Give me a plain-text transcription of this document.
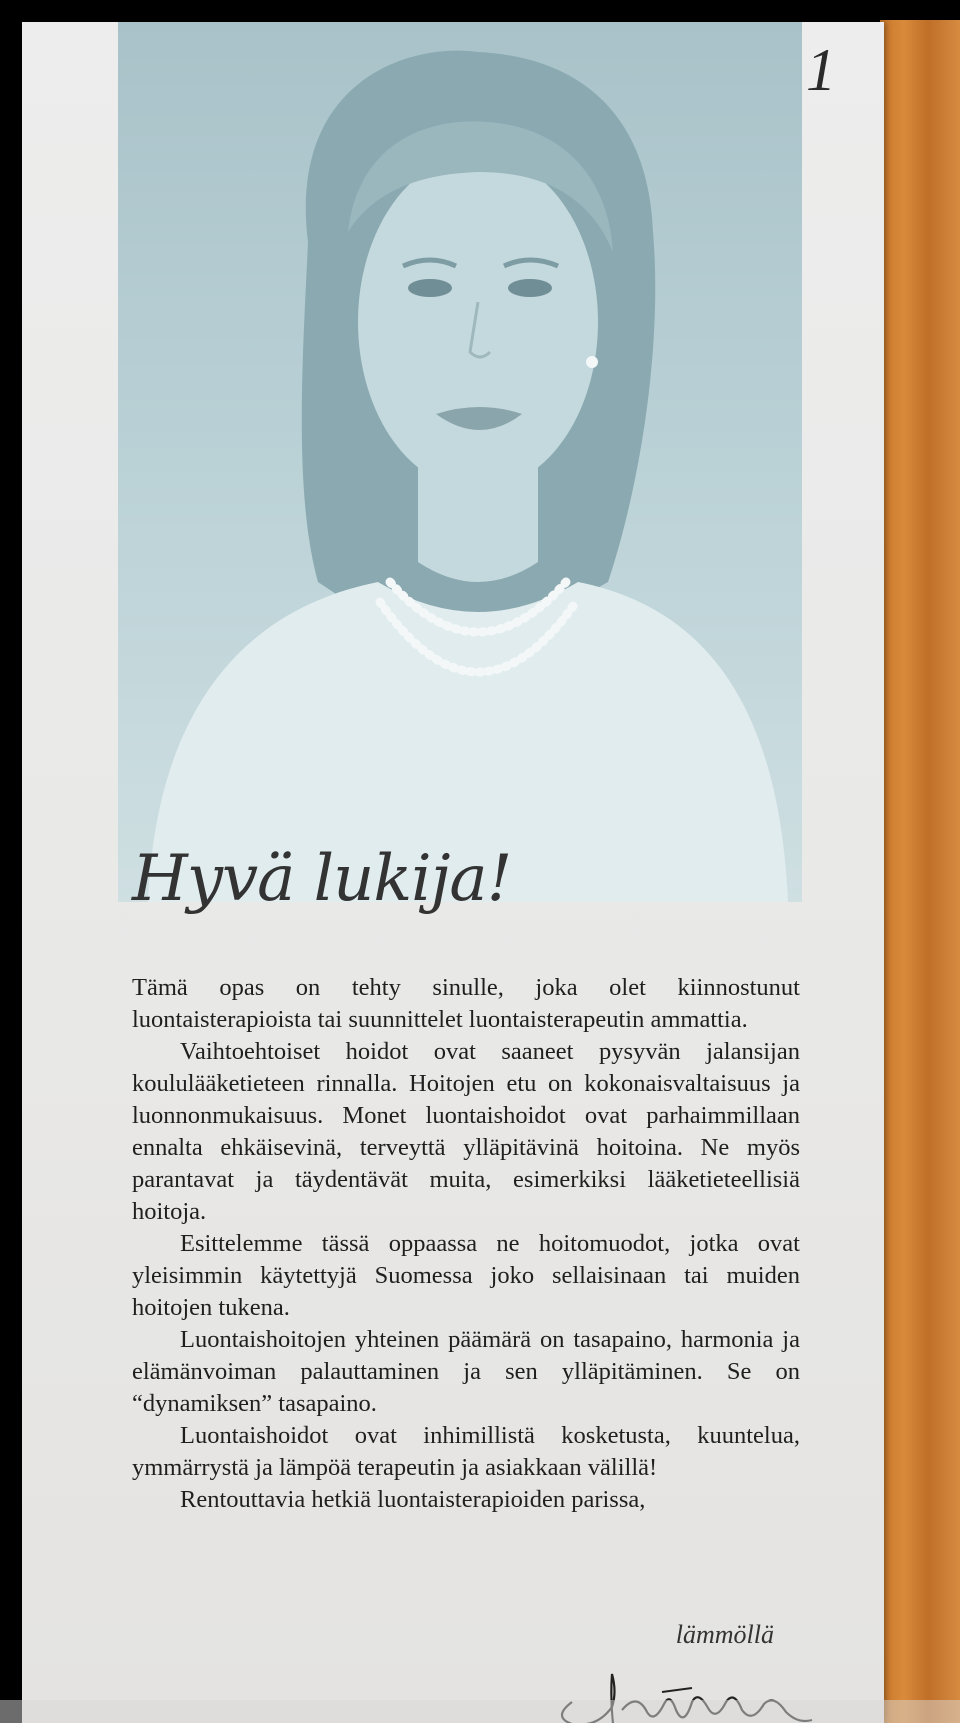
1
Hyvä lukija!

Tämä opas on tehty sinulle, joka olet kiinnostunut luontaisterapioista tai suunnittelet luontaisterapeutin ammattia.

Vaihtoehtoiset hoidot ovat saaneet pysyvän jalansijan koululääketieteen rinnalla. Hoitojen etu on kokonaisvaltaisuus ja luonnonmukaisuus. Monet luontaishoidot ovat parhaimmillaan ennalta ehkäisevinä, terveyttä ylläpitävinä hoitoina. Ne myös parantavat ja täydentävät muita, esimerkiksi lääketieteellisiä hoitoja.

Esittelemme tässä oppaassa ne hoitomuodot, jotka ovat yleisimmin käytettyjä Suomessa joko sellaisinaan tai muiden hoitojen tukena.

Luontaishoitojen yhteinen päämärä on tasapaino, harmonia ja elämänvoiman palauttaminen ja sen ylläpitäminen. Se on “dynamiksen” tasapaino.

Luontaishoidot ovat inhimillistä kosketusta, kuuntelua, ymmärrystä ja lämpöä terapeutin ja asiakkaan välillä!

Rentouttavia hetkiä luontaisterapioiden parissa,

lämmöllä
